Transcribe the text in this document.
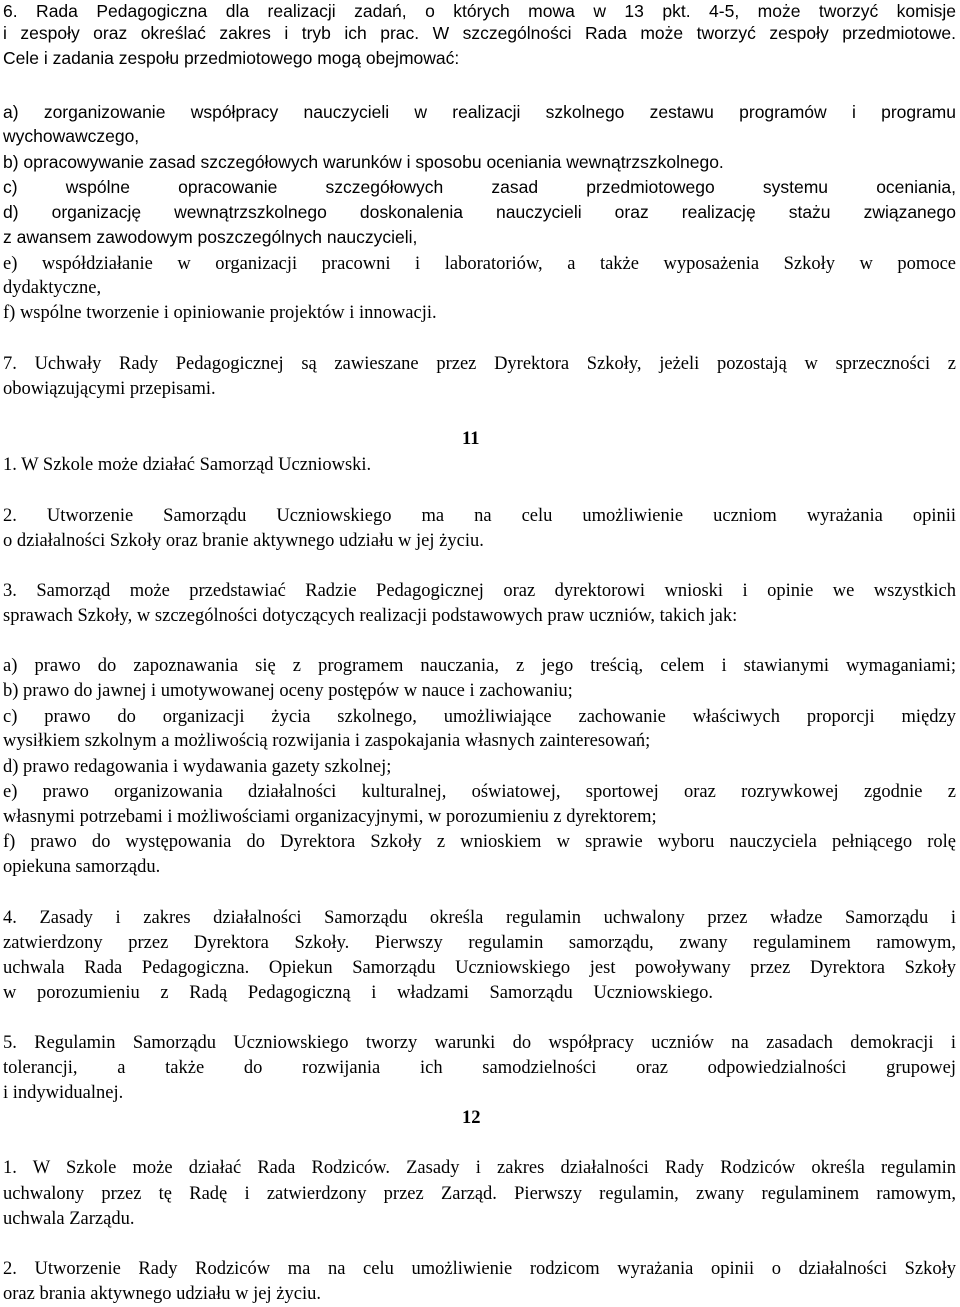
6. Rada Pedagogiczna dla realizacji zadań, o których mowa w 13 pkt. 4-5, może tworzyć komisje

i zespoły oraz określać zakres i tryb ich prac. W szczególności Rada może tworzyć zespoły przedmiotowe.

Cele i zadania zespołu przedmiotowego mogą obejmować:

a) zorganizowanie współpracy nauczycieli w realizacji szkolnego zestawu programów i programu

wychowawczego,

b) opracowywanie zasad szczegółowych warunków i sposobu oceniania wewnątrzszkolnego.

c) wspólne opracowanie szczegółowych zasad przedmiotowego systemu oceniania,

d) organizację wewnątrzszkolnego doskonalenia nauczycieli oraz realizację stażu związanego

z awansem zawodowym poszczególnych nauczycieli,

e) współdziałanie w organizacji pracowni i laboratoriów, a także wyposażenia Szkoły w pomoce

dydaktyczne,

f) wspólne tworzenie i opiniowanie projektów i innowacji.

7. Uchwały Rady Pedagogicznej są zawieszane przez Dyrektora Szkoły, jeżeli pozostają w sprzeczności z

obowiązującymi przepisami.

11

1. W Szkole może działać Samorząd Uczniowski.

2. Utworzenie Samorządu Uczniowskiego ma na celu umożliwienie uczniom wyrażania opinii

o działalności Szkoły oraz branie aktywnego udziału w jej życiu.

3. Samorząd może przedstawiać Radzie Pedagogicznej oraz dyrektorowi wnioski i opinie we wszystkich

sprawach Szkoły, w szczególności dotyczących realizacji podstawowych praw uczniów, takich jak:

a) prawo do zapoznawania się z programem nauczania, z jego treścią, celem i stawianymi wymaganiami;

b) prawo do jawnej i umotywowanej oceny postępów w nauce i zachowaniu;

c) prawo do organizacji życia szkolnego, umożliwiające zachowanie właściwych proporcji między

wysiłkiem szkolnym a możliwością rozwijania i zaspokajania własnych zainteresowań;

d) prawo redagowania i wydawania gazety szkolnej;

e) prawo organizowania działalności kulturalnej, oświatowej, sportowej oraz rozrywkowej zgodnie z

własnymi potrzebami i możliwościami organizacyjnymi, w porozumieniu z dyrektorem;

f) prawo do występowania do Dyrektora Szkoły z wnioskiem w sprawie wyboru nauczyciela pełniącego rolę

opiekuna samorządu.

4. Zasady i zakres działalności Samorządu określa regulamin uchwalony przez władze Samorządu i

zatwierdzony przez Dyrektora Szkoły. Pierwszy regulamin samorządu, zwany regulaminem ramowym,

uchwala Rada Pedagogiczna. Opiekun Samorządu Uczniowskiego jest powoływany przez Dyrektora Szkoły

w porozumieniu z Radą Pedagogiczną i władzami Samorządu Uczniowskiego.

5. Regulamin Samorządu Uczniowskiego tworzy warunki do współpracy uczniów na zasadach demokracji i

tolerancji, a także do rozwijania ich samodzielności oraz odpowiedzialności grupowej

i indywidualnej.

12

1. W Szkole może działać Rada Rodziców. Zasady i zakres działalności Rady Rodziców określa regulamin

uchwalony przez tę Radę i zatwierdzony przez Zarząd. Pierwszy regulamin, zwany regulaminem ramowym,

uchwala Zarządu.

2. Utworzenie Rady Rodziców ma na celu umożliwienie rodzicom wyrażania opinii o działalności Szkoły

oraz brania aktywnego udziału w jej życiu.
